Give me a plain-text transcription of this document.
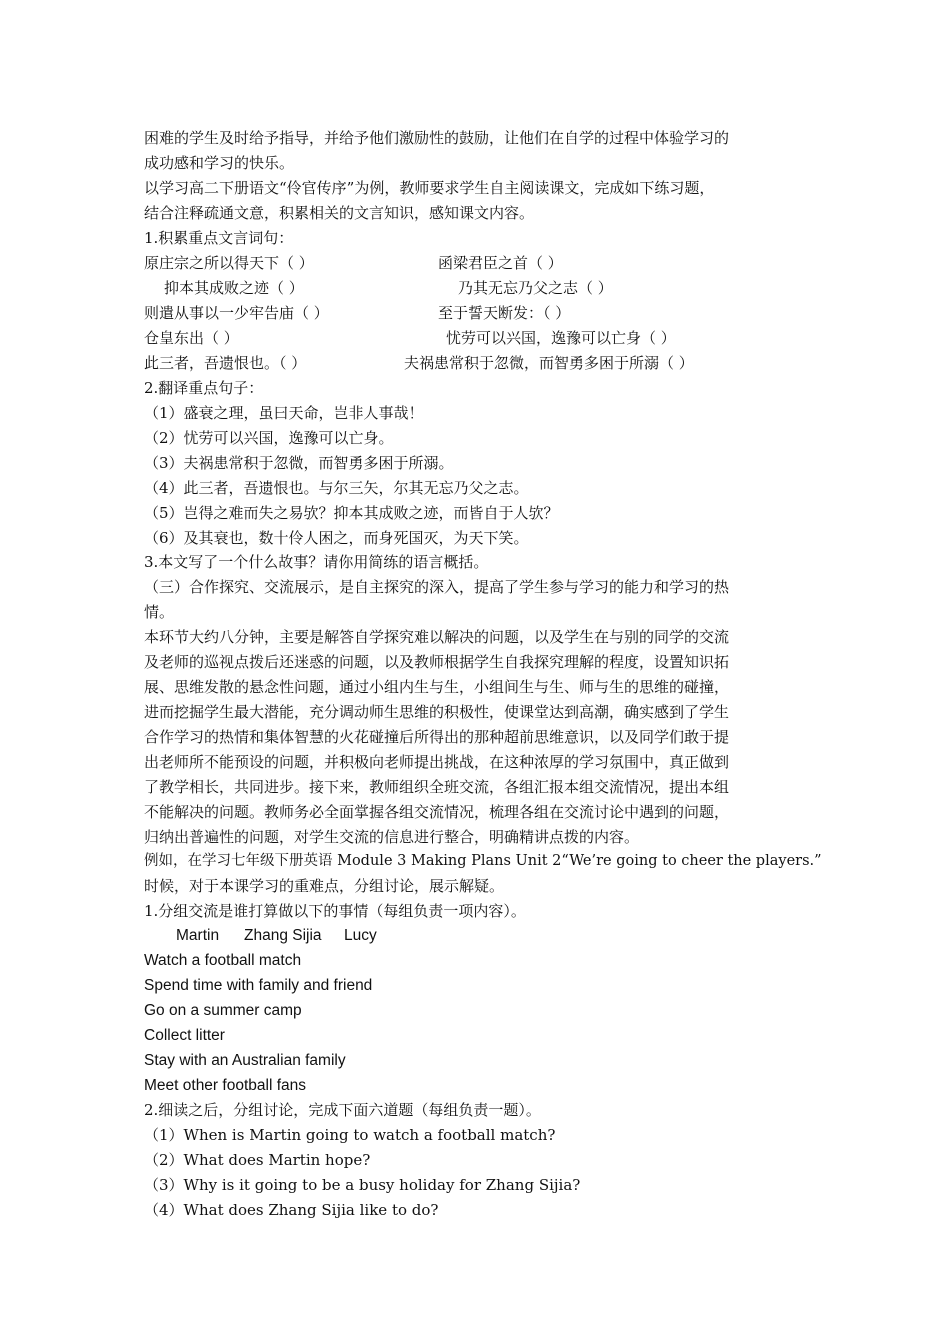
困难的学生及时给予指导，并给予他们激励性的鼓励，让他们在自学的过程中体验学习的
成功感和学习的快乐。
以学习高二下册语文“伶官传序”为例，教师要求学生自主阅读课文，完成如下练习题，
结合注释疏通文意，积累相关的文言知识，感知课文内容。
1.积累重点文言词句：
原庄宗之所以得天下（ ）	函梁君臣之首（ ）
抑本其成败之迹（ ）	乃其无忘乃父之志（ ）
则遣从事以一少牢告庙（ ）	至于誓天断发：（ ）
仓皇东出（ ）	忧劳可以兴国，逸豫可以亡身（ ）
此三者，吾遗恨也。（ ）	夫祸患常积于忽微，而智勇多困于所溺（ ）
2.翻译重点句子：
（1）盛衰之理，虽曰天命，岂非人事哉！
（2）忧劳可以兴国，逸豫可以亡身。
（3）夫祸患常积于忽微，而智勇多困于所溺。
（4）此三者，吾遗恨也。与尔三矢，尔其无忘乃父之志。
（5）岂得之难而失之易欤？抑本其成败之迹，而皆自于人欤？
（6）及其衰也，数十伶人困之，而身死国灭，为天下笑。
3.本文写了一个什么故事？请你用简练的语言概括。
（三）合作探究、交流展示，是自主探究的深入，提高了学生参与学习的能力和学习的热
情。
本环节大约八分钟，主要是解答自学探究难以解决的问题，以及学生在与别的同学的交流
及老师的巡视点拨后还迷惑的问题，以及教师根据学生自我探究理解的程度，设置知识拓
展、思维发散的悬念性问题，通过小组内生与生，小组间生与生、师与生的思维的碰撞，
进而挖掘学生最大潜能，充分调动师生思维的积极性，使课堂达到高潮，确实感到了学生
合作学习的热情和集体智慧的火花碰撞后所得出的那种超前思维意识，以及同学们敢于提
出老师所不能预设的问题，并积极向老师提出挑战，在这种浓厚的学习氛围中，真正做到
了教学相长，共同进步。接下来，教师组织全班交流，各组汇报本组交流情况，提出本组
不能解决的问题。教师务必全面掌握各组交流情况，梳理各组在交流讨论中遇到的问题，
归纳出普遍性的问题，对学生交流的信息进行整合，明确精讲点拨的内容。
例如，在学习七年级下册英语 Module 3 Making Plans Unit 2“We’re going to cheer the players.”
时候，对于本课学习的重难点，分组讨论，展示解疑。
1.分组交流是谁打算做以下的事情（每组负责一项内容）。
Martin Zhang Sijia Lucy
Watch a football match
Spend time with family and friend
Go on a summer camp
Collect litter
Stay with an Australian family
Meet other football fans
2.细读之后，分组讨论，完成下面六道题（每组负责一题）。
（1）When is Martin going to watch a football match?
（2）What does Martin hope?
（3）Why is it going to be a busy holiday for Zhang Sijia?
（4）What does Zhang Sijia like to do?
